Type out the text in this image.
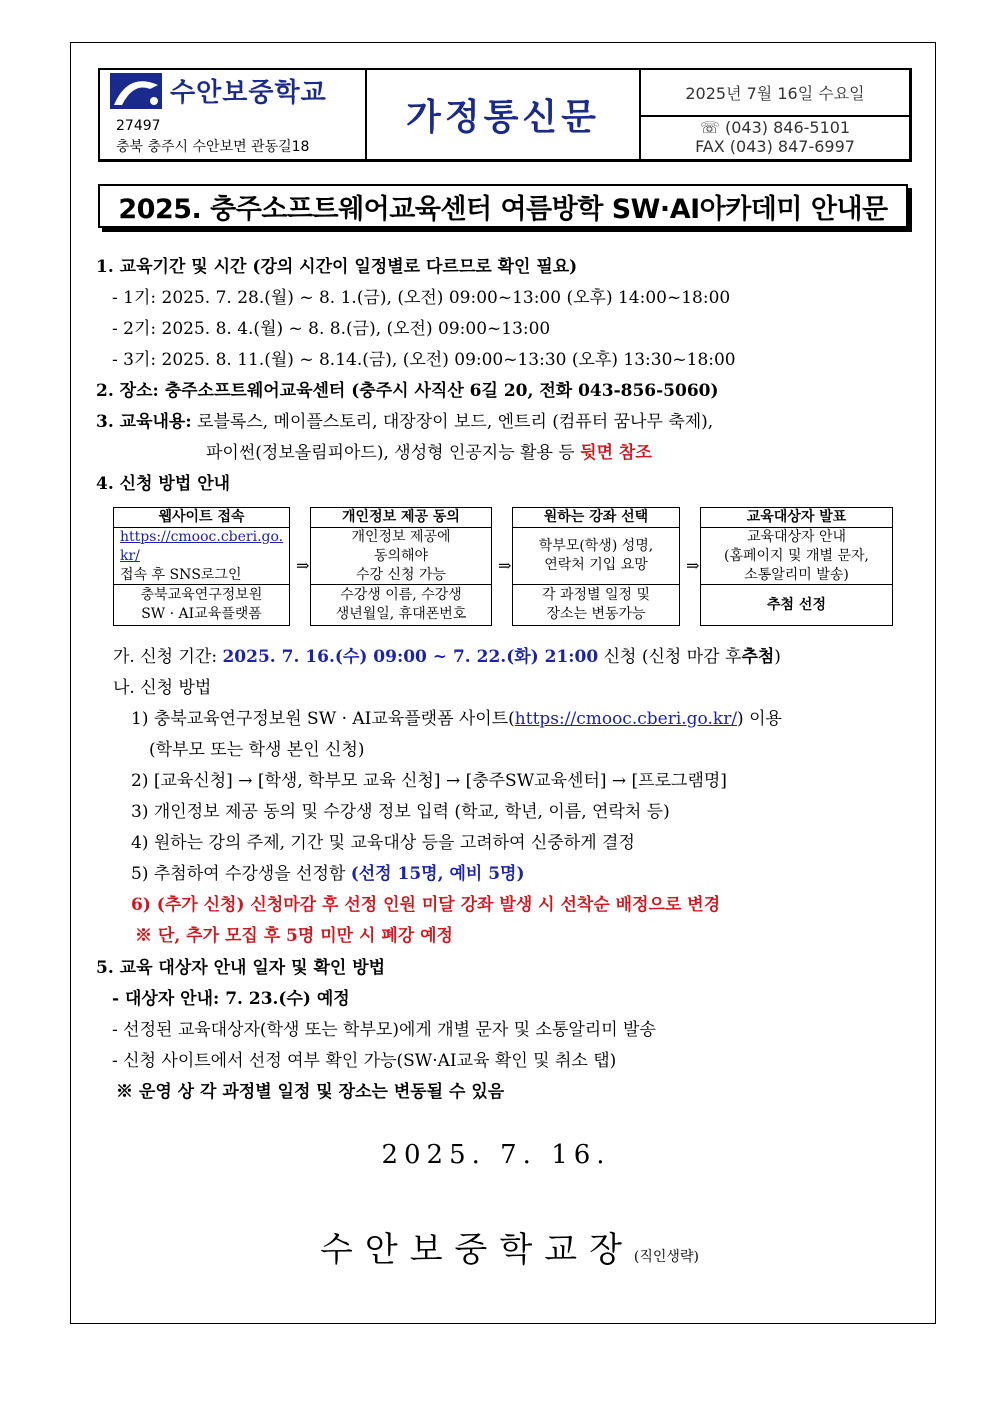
수안보중학교
27497
충북 충주시 수안보면 관동길18
가정통신문
2025년 7월 16일 수요일
☏ (043) 846-5101
FAX (043) 847-6997
2025. 충주소프트웨어교육센터 여름방학 SW·AI아카데미 안내문
1. 교육기간 및 시간 (강의 시간이 일정별로 다르므로 확인 필요)
- 1기: 2025. 7. 28.(월) ~ 8. 1.(금), (오전) 09:00~13:00 (오후) 14:00~18:00
- 2기: 2025. 8. 4.(월) ~ 8. 8.(금), (오전) 09:00~13:00
- 3기: 2025. 8. 11.(월) ~ 8.14.(금), (오전) 09:00~13:30 (오후) 13:30~18:00
2. 장소: 충주소프트웨어교육센터 (충주시 사직산 6길 20, 전화 043-856-5060)
3. 교육내용: 로블록스, 메이플스토리, 대장장이 보드, 엔트리 (컴퓨터 꿈나무 축제),
파이썬(정보올림피아드), 생성형 인공지능 활용 등 뒷면 참조
4. 신청 방법 안내
웹사이트 접속
https://cmooc.cberi.go.
kr/
접속 후 SNS로그인
충북교육연구정보원
SW · AI교육플랫폼
⇒
개인정보 제공 동의
개인정보 제공에
동의해야
수강 신청 가능
수강생 이름, 수강생
생년월일, 휴대폰번호
⇒
원하는 강좌 선택
학부모(학생) 성명,
연락처 기입 요망
각 과정별 일정 및
장소는 변동가능
⇒
교육대상자 발표
교육대상자 안내
(홈페이지 및 개별 문자,
소통알리미 발송)
추첨 선정
가. 신청 기간: 2025. 7. 16.(수) 09:00 ~ 7. 22.(화) 21:00 신청 (신청 마감 후추첨)
나. 신청 방법
1) 충북교육연구정보원 SW · AI교육플랫폼 사이트(https://cmooc.cberi.go.kr/) 이용
(학부모 또는 학생 본인 신청)
2) [교육신청] → [학생, 학부모 교육 신청] → [충주SW교육센터] → [프로그램명]
3) 개인정보 제공 동의 및 수강생 정보 입력 (학교, 학년, 이름, 연락처 등)
4) 원하는 강의 주제, 기간 및 교육대상 등을 고려하여 신중하게 결정
5) 추첨하여 수강생을 선정함 (선정 15명, 예비 5명)
6) (추가 신청) 신청마감 후 선정 인원 미달 강좌 발생 시 선착순 배정으로 변경
※ 단, 추가 모집 후 5명 미만 시 폐강 예정
5. 교육 대상자 안내 일자 및 확인 방법
- 대상자 안내: 7. 23.(수) 예정
- 선정된 교육대상자(학생 또는 학부모)에게 개별 문자 및 소통알리미 발송
- 신청 사이트에서 선정 여부 확인 가능(SW·AI교육 확인 및 취소 탭)
※ 운영 상 각 과정별 일정 및 장소는 변동될 수 있음
2025. 7. 16.
수안보중학교장(직인생략)
